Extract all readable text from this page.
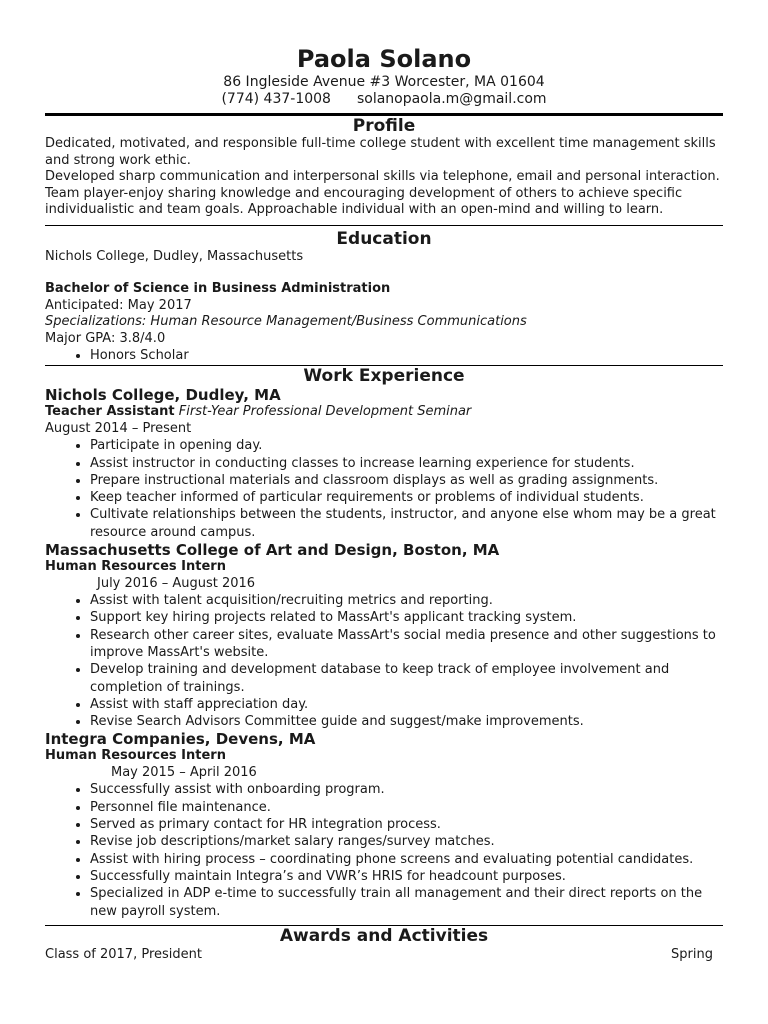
Paola Solano
86 Ingleside Avenue #3 Worcester, MA 01604
(774) 437-1008 solanopaola.m@gmail.com
Profile

Dedicated, motivated, and responsible full-time college student with excellent time management skills and strong work ethic.

Developed sharp communication and interpersonal skills via telephone, email and personal interaction.

Team player-enjoy sharing knowledge and encouraging development of others to achieve specific individualistic and team goals. Approachable individual with an open-mind and willing to learn.

Education

Nichols College, Dudley, Massachusetts

Bachelor of Science in Business Administration

Anticipated: May 2017

Specializations: Human Resource Management/Business Communications

Major GPA: 3.8/4.0

• Honors Scholar
Work Experience

Nichols College, Dudley, MA

Teacher Assistant First-Year Professional Development Seminar

August 2014 – Present

• Participate in opening day.
• Assist instructor in conducting classes to increase learning experience for students.
• Prepare instructional materials and classroom displays as well as grading assignments.
• Keep teacher informed of particular requirements or problems of individual students.
• Cultivate relationships between the students, instructor, and anyone else whom may be a great resource around campus.

Massachusetts College of Art and Design, Boston, MA

Human Resources Intern

July 2016 – August 2016

• Assist with talent acquisition/recruiting metrics and reporting.
• Support key hiring projects related to MassArt's applicant tracking system.
• Research other career sites, evaluate MassArt's social media presence and other suggestions to improve MassArt's website.
• Develop training and development database to keep track of employee involvement and completion of trainings.
• Assist with staff appreciation day.
• Revise Search Advisors Committee guide and suggest/make improvements.

Integra Companies, Devens, MA

Human Resources Intern

May 2015 – April 2016

• Successfully assist with onboarding program.
• Personnel file maintenance.
• Served as primary contact for HR integration process.
• Revise job descriptions/market salary ranges/survey matches.
• Assist with hiring process – coordinating phone screens and evaluating potential candidates.
• Successfully maintain Integra’s and VWR’s HRIS for headcount purposes.
• Specialized in ADP e-time to successfully train all management and their direct reports on the new payroll system.
Awards and Activities
Class of 2017, President	Spring
